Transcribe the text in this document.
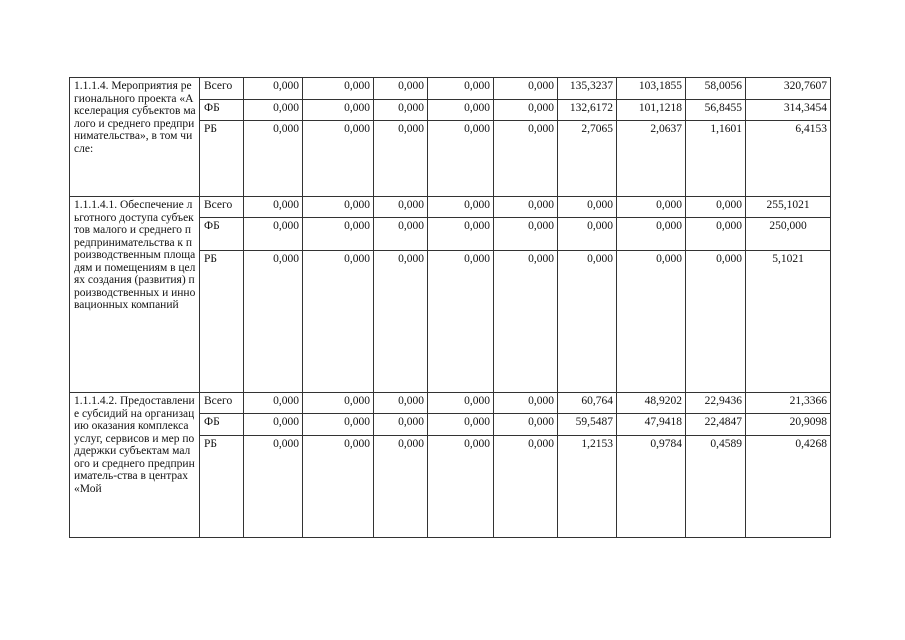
1.1.1.4. Мероприятия регионального проекта «Акселерация субъектов малого и среднего предпринимательства», в том числе:	Всего	0,000	0,000	0,000	0,000	0,000	135,3237	103,1855	58,0056	320,7607
	ФБ	0,000	0,000	0,000	0,000	0,000	132,6172	101,1218	56,8455	314,3454
	РБ	0,000	0,000	0,000	0,000	0,000	2,7065	2,0637	1,1601	6,4153
1.1.1.4.1. Обеспечение льготного доступа субъектов малого и среднего предпринимательства к производственным площадям и помещениям в целях создания (развития) производственных и инновационных компаний	Всего	0,000	0,000	0,000	0,000	0,000	0,000	0,000	0,000	255,1021
	ФБ	0,000	0,000	0,000	0,000	0,000	0,000	0,000	0,000	250,000
	РБ	0,000	0,000	0,000	0,000	0,000	0,000	0,000	0,000	5,1021
1.1.1.4.2. Предоставление субсидий на организацию оказания комплекса услуг, сервисов и мер поддержки субъектам малого и среднего предприниматель-ства в центрах «Мой	Всего	0,000	0,000	0,000	0,000	0,000	60,764	48,9202	22,9436	21,3366
	ФБ	0,000	0,000	0,000	0,000	0,000	59,5487	47,9418	22,4847	20,9098
	РБ	0,000	0,000	0,000	0,000	0,000	1,2153	0,9784	0,4589	0,4268
